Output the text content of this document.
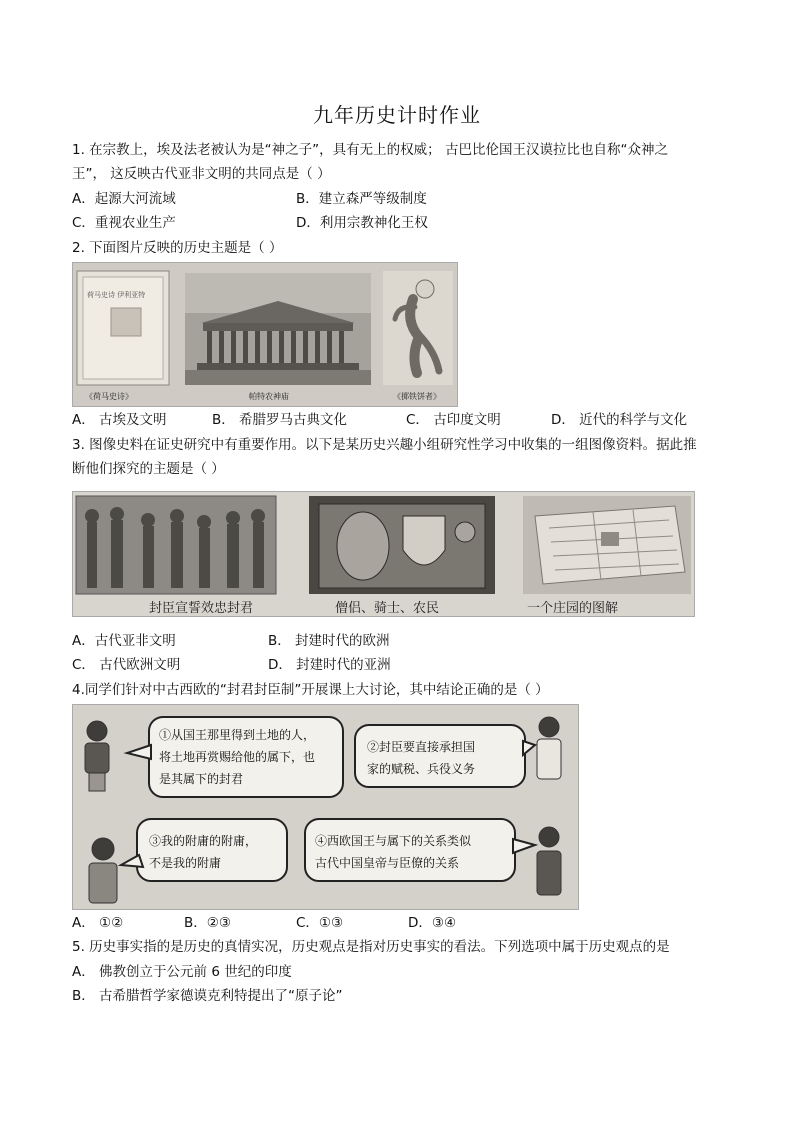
九年历史计时作业
1. 在宗教上，埃及法老被认为是“神之子”，具有无上的权威； 古巴比伦国王汉谟拉比也自称“众神之
王”， 这反映古代亚非文明的共同点是（ ）
A．起源大河流域	B．建立森严等级制度
C．重视农业生产	D．利用宗教神化王权
2. 下面图片反映的历史主题是（ ）
荷马史诗 伊利亚特
《荷马史诗》	帕特农神庙	《掷铁饼者》
A． 古埃及文明	B． 希腊罗马古典文化	C． 古印度文明	D． 近代的科学与文化
3. 图像史料在证史研究中有重要作用。以下是某历史兴趣小组研究性学习中收集的一组图像资料。据此推
断他们探究的主题是（ ）
封臣宣誓效忠封君	僧侣、骑士、农民	一个庄园的图解
A．古代亚非文明	B． 封建时代的欧洲
C． 古代欧洲文明	D． 封建时代的亚洲
4.同学们针对中古西欧的“封君封臣制”开展课上大讨论，其中结论正确的是（ ）
①从国王那里得到土地的人，
将土地再赏赐给他的属下，也
是其属下的封君
②封臣要直接承担国
家的赋税、兵役义务
③我的附庸的附庸，
不是我的附庸
④西欧国王与属下的关系类似
古代中国皇帝与臣僚的关系
A． ①②	B．②③	C．①③	D．③④
5. 历史事实指的是历史的真情实况，历史观点是指对历史事实的看法。下列选项中属于历史观点的是
A． 佛教创立于公元前 6 世纪的印度
B． 古希腊哲学家德谟克利特提出了“原子论”
